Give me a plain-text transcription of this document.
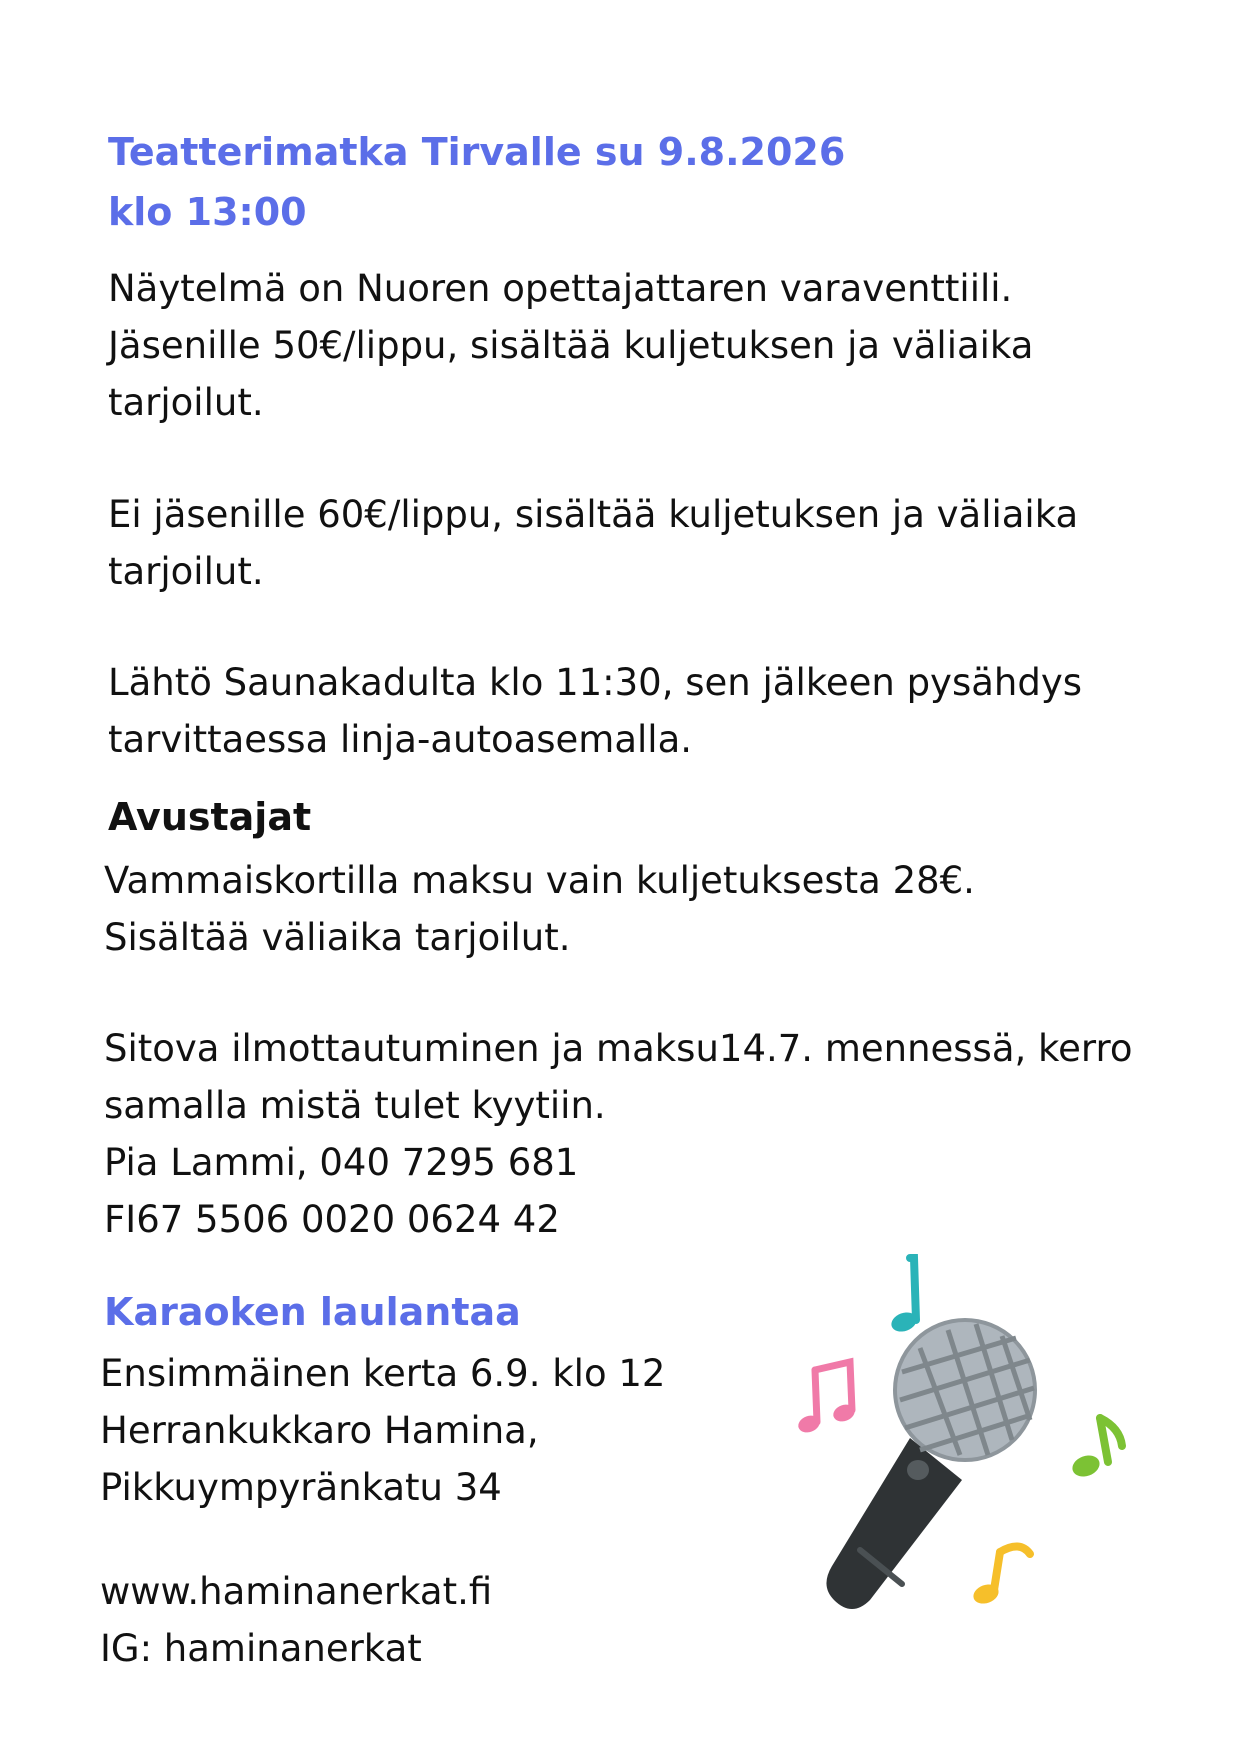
Teatterimatka Tirvalle su 9.8.2026
klo 13:00

Näytelmä on Nuoren opettajattaren varaventtiili.
Jäsenille 50€/lippu, sisältää kuljetuksen ja väliaika
tarjoilut.

Ei jäsenille 60€/lippu, sisältää kuljetuksen ja väliaika
tarjoilut.

Lähtö Saunakadulta klo 11:30, sen jälkeen pysähdys
tarvittaessa linja-autoasemalla.

Avustajat

Vammaiskortilla maksu vain kuljetuksesta 28€.
Sisältää väliaika tarjoilut.

Sitova ilmottautuminen ja maksu14.7. mennessä, kerro
samalla mistä tulet kyytiin.
Pia Lammi, 040 7295 681
FI67 5506 0020 0624 42

Karaoken laulantaa

Ensimmäinen kerta 6.9. klo 12
Herrankukkaro Hamina,
Pikkuympyränkatu 34

www.haminanerkat.fi
IG: haminanerkat
